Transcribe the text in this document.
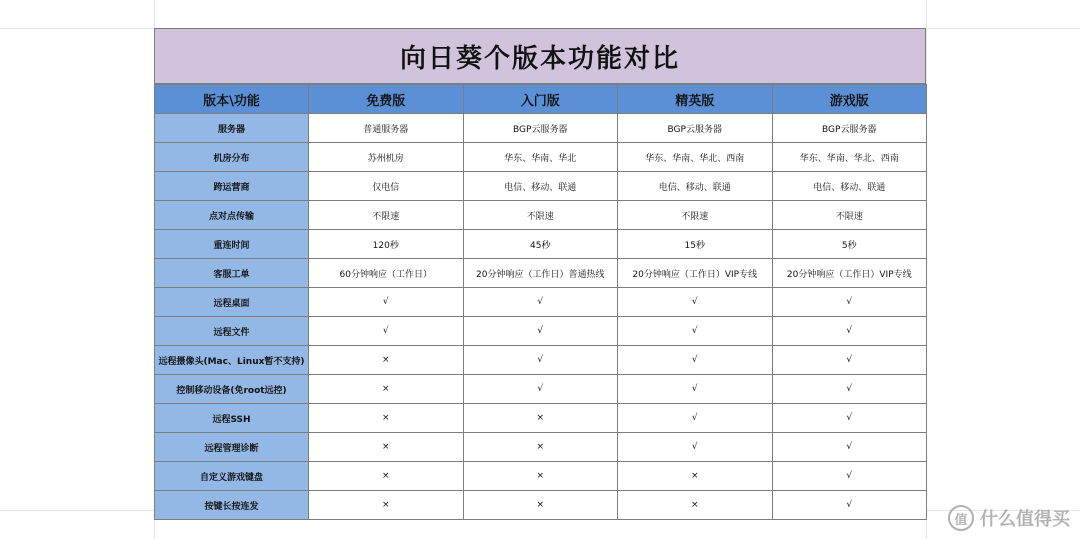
向日葵个版本功能对比
版本\功能	免费版	入门版	精英版	游戏版
服务器	普通服务器	BGP云服务器	BGP云服务器	BGP云服务器
机房分布	苏州机房	华东、华南、华北	华东、华南、华北、西南	华东、华南、华北、西南
跨运营商	仅电信	电信、移动、联通	电信、移动、联通	电信、移动、联通
点对点传输	不限速	不限速	不限速	不限速
重连时间	120秒	45秒	15秒	5秒
客服工单	60分钟响应（工作日）	20分钟响应（工作日）普通热线	20分钟响应（工作日）VIP专线	20分钟响应（工作日）VIP专线
远程桌面	√	√	√	√
远程文件	√	√	√	√
远程摄像头(Mac、Linux暂不支持)	×	√	√	√
控制移动设备(免root远控)	×	√	√	√
远程SSH	×	×	√	√
远程管理诊断	×	×	√	√
自定义游戏键盘	×	×	×	√
按键长按连发	×	×	×	√
值 什么值得买
